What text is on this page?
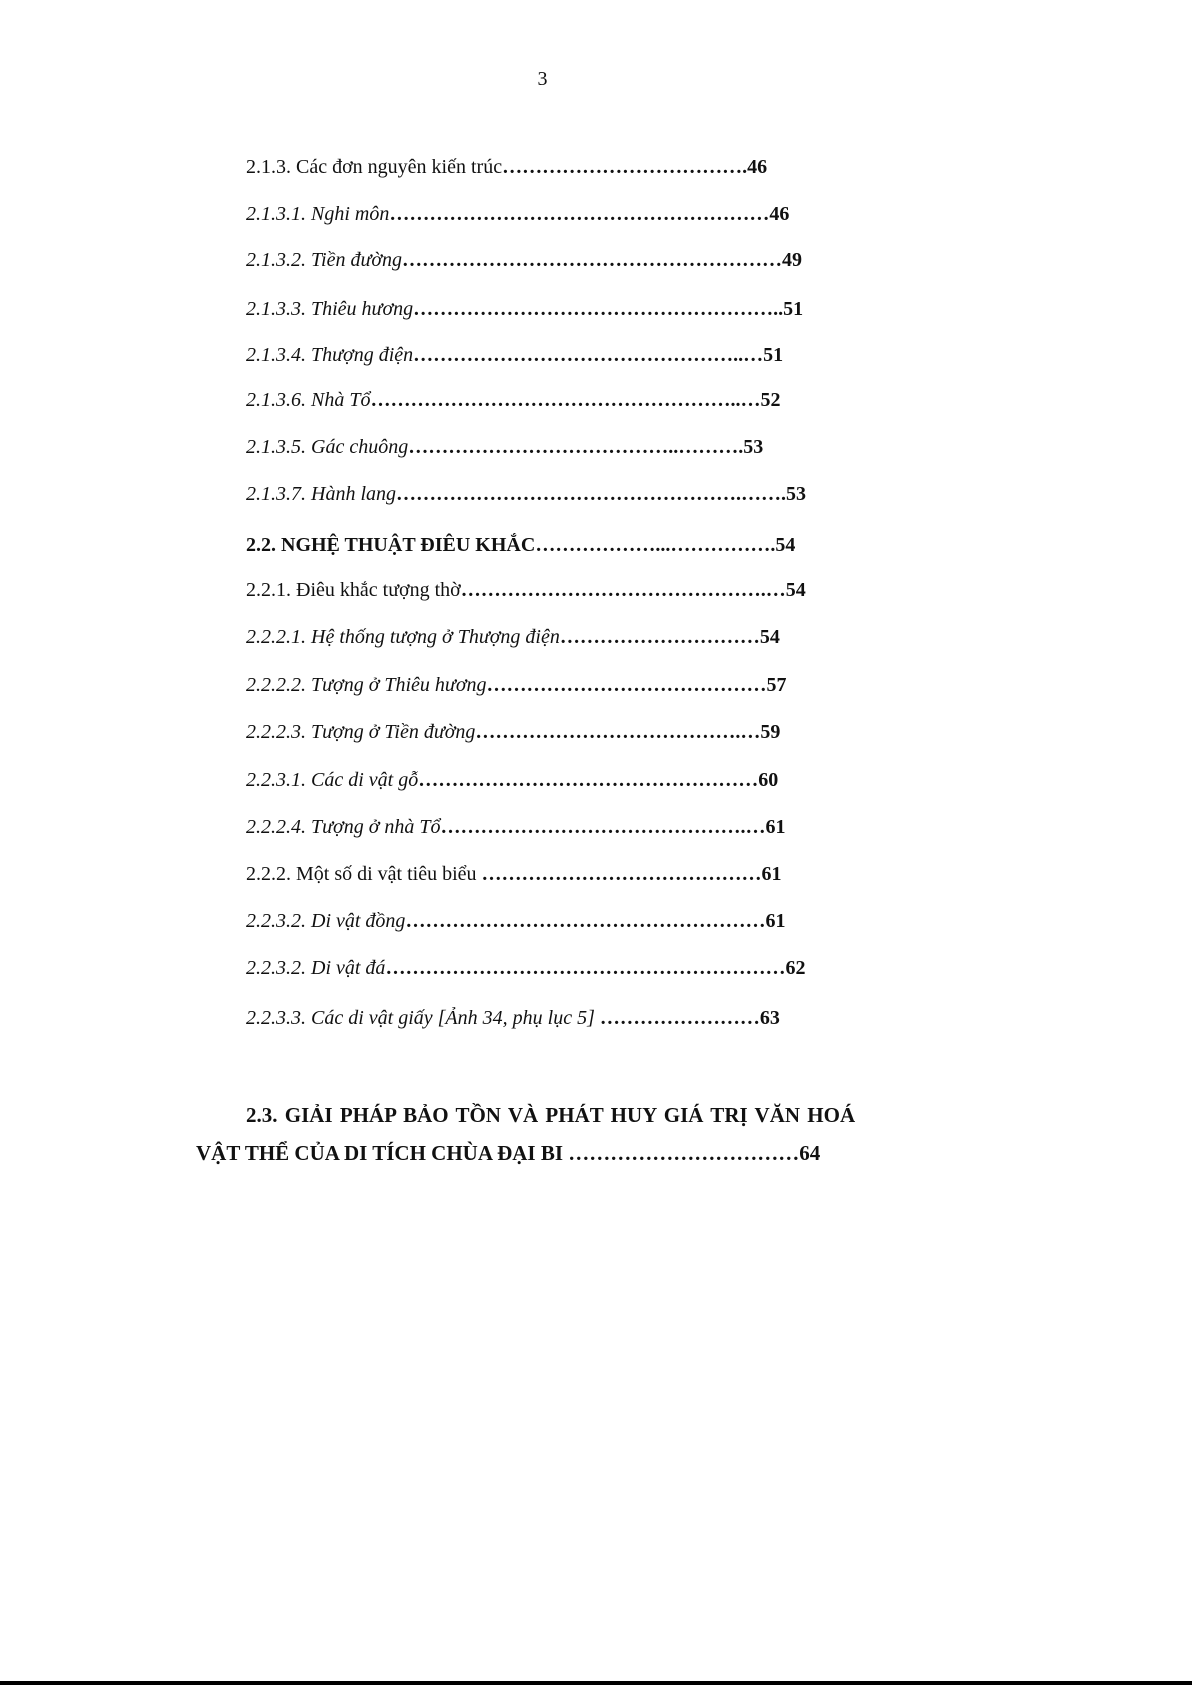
3
2.1.3. Các đơn nguyên kiến trúc……………………………….46
2.1.3.1. Nghi môn…………………………………………………46
2.1.3.2. Tiền đường…………………………………………………49
2.1.3.3. Thiêu hương………………………………………………..51
2.1.3.4. Thượng điện…………………………………………..…51
2.1.3.6. Nhà Tổ………………………………………………..…52
2.1.3.5. Gác chuông…………………………………..……….53
2.1.3.7. Hành lang…………………………………………….…….53
2.2. NGHỆ THUẬT ĐIÊU KHẮC………………...…………….54
2.2.1. Điêu khắc tượng thờ……………………………………….…54
2.2.2.1. Hệ thống tượng ở Thượng điện…………………………54
2.2.2.2. Tượng ở Thiêu hương……………………………………57
2.2.2.3. Tượng ở Tiền đường………………………………….…59
2.2.3.1. Các di vật gỗ……………………………………………60
2.2.2.4. Tượng ở nhà Tổ……………………………………….…61
2.2.2. Một số di vật tiêu biểu ……………………………………61
2.2.3.2. Di vật đồng………………………………………………61
2.2.3.2. Di vật đá……………………………………………………62
2.2.3.3. Các di vật giấy [Ảnh 34, phụ lục 5] ……………………63
2.3. GIẢI PHÁP BẢO TỒN VÀ PHÁT HUY GIÁ TRỊ VĂN HOÁ
VẬT THỂ CỦA DI TÍCH CHÙA ĐẠI BI ……………………………64
